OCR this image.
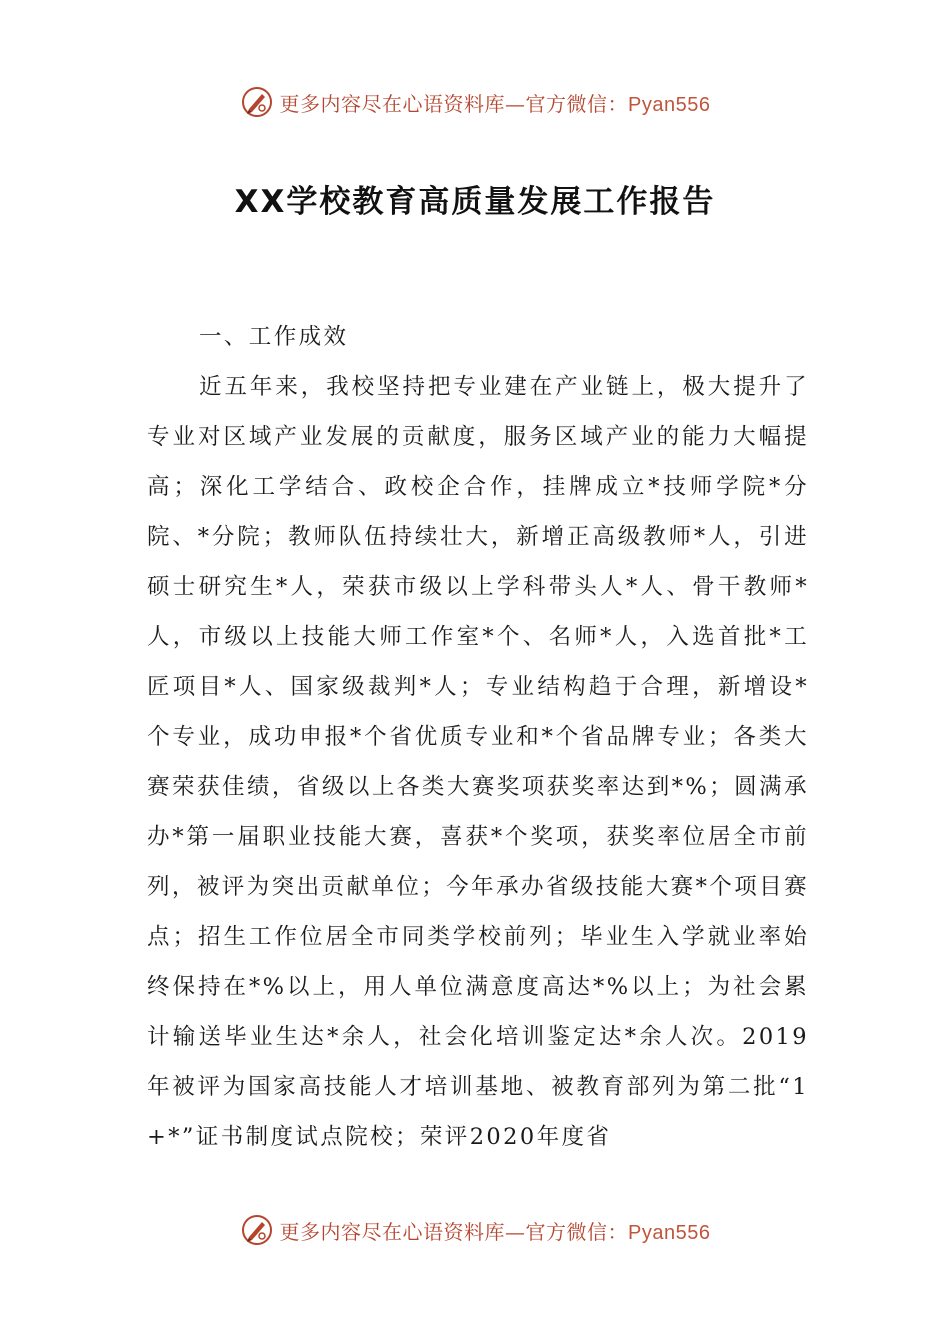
更多内容尽在心语资料库—官方微信：Pyan556
XX学校教育高质量发展工作报告

一、工作成效

近五年来，我校坚持把专业建在产业链上，极大提升了专业对区域产业发展的贡献度，服务区域产业的能力大幅提高；深化工学结合、政校企合作，挂牌成立*技师学院*分院、*分院；教师队伍持续壮大，新增正高级教师*人，引进硕士研究生*人，荣获市级以上学科带头人*人、骨干教师*人，市级以上技能大师工作室*个、名师*人，入选首批*工匠项目*人、国家级裁判*人；专业结构趋于合理，新增设*个专业，成功申报*个省优质专业和*个省品牌专业；各类大赛荣获佳绩，省级以上各类大赛奖项获奖率达到*%；圆满承办*第一届职业技能大赛，喜获*个奖项，获奖率位居全市前列，被评为突出贡献单位；今年承办省级技能大赛*个项目赛点；招生工作位居全市同类学校前列；毕业生入学就业率始终保持在*%以上，用人单位满意度高达*%以上；为社会累计输送毕业生达*余人，社会化培训鉴定达*余人次。2019年被评为国家高技能人才培训基地、被教育部列为第二批“1+*”证书制度试点院校；荣评2020年度省

更多内容尽在心语资料库—官方微信：Pyan556
